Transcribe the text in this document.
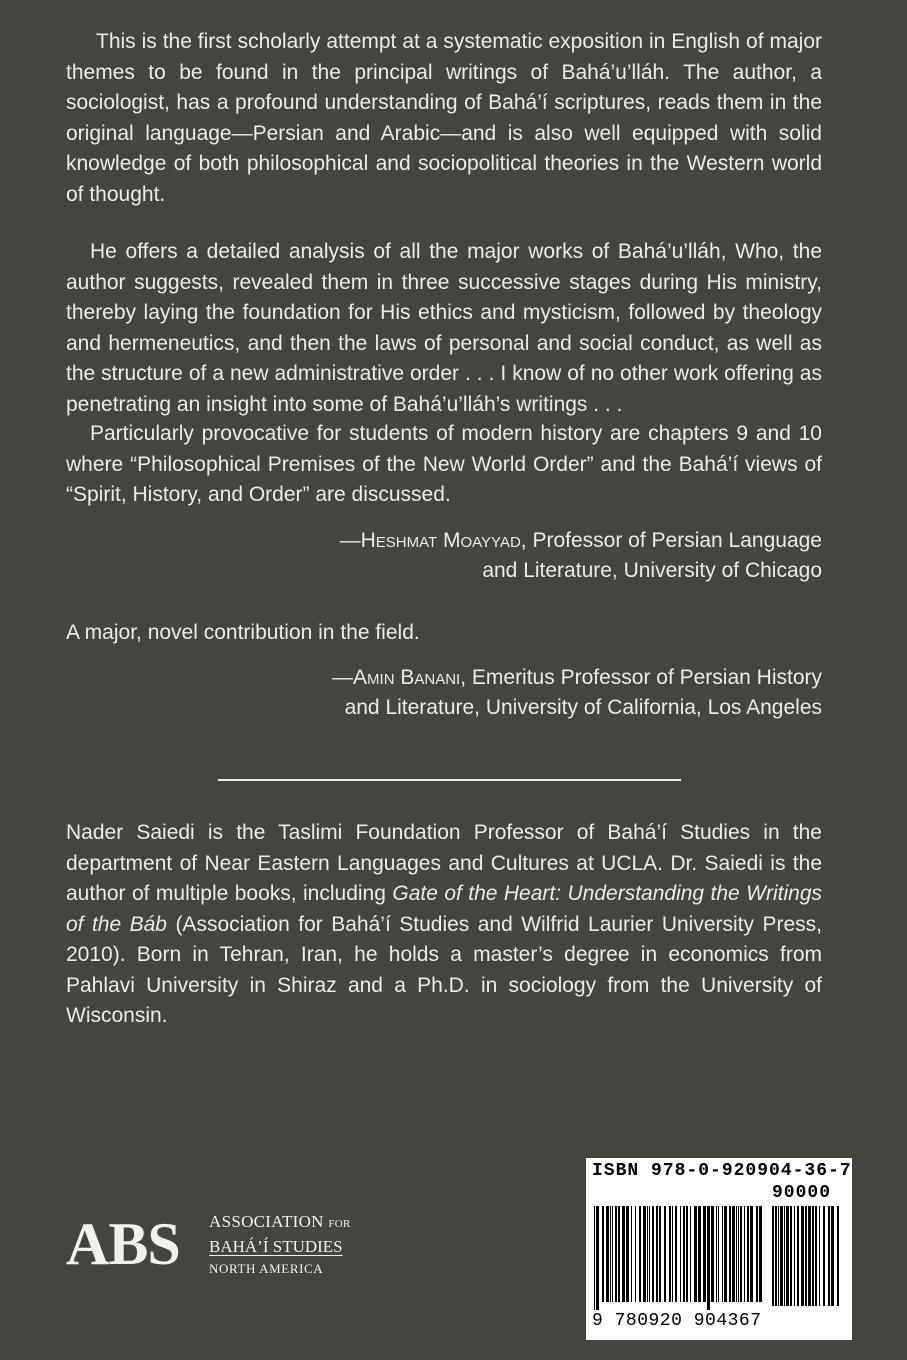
This is the first scholarly attempt at a systematic exposition in English of major themes to be found in the principal writings of Bahá’u’lláh. The author, a sociologist, has a profound understanding of Bahá’í scriptures, reads them in the original language—Persian and Arabic—and is also well equipped with solid knowledge of both philosophical and sociopolitical theories in the Western world of thought.

He offers a detailed analysis of all the major works of Bahá’u’lláh, Who, the author suggests, revealed them in three successive stages during His ministry, thereby laying the foundation for His ethics and mysticism, followed by theology and hermeneutics, and then the laws of personal and social conduct, as well as the structure of a new administrative order . . . I know of no other work offering as penetrating an insight into some of Bahá’u’lláh’s writings . . .

Particularly provocative for students of modern history are chapters 9 and 10 where “Philosophical Premises of the New World Order” and the Bahá’í views of “Spirit, History, and Order” are discussed.

—Heshmat Moayyad, Professor of Persian Language
and Literature, University of Chicago

A major, novel contribution in the field.

—Amin Banani, Emeritus Professor of Persian History
and Literature, University of California, Los Angeles

Nader Saiedi is the Taslimi Foundation Professor of Bahá’í Studies in the department of Near Eastern Languages and Cultures at UCLA. Dr. Saiedi is the author of multiple books, including Gate of the Heart: Understanding the Writings of the Báb (Association for Bahá’í Studies and Wilfrid Laurier University Press, 2010). Born in Tehran, Iran, he holds a master’s degree in economics from Pahlavi University in Shiraz and a Ph.D. in sociology from the University of Wisconsin.

ABS ASSOCIATION FOR
BAHÁ’Í STUDIES
NORTH AMERICA
ISBN 978-0-920904-36-7
90000
9 780920 904367
